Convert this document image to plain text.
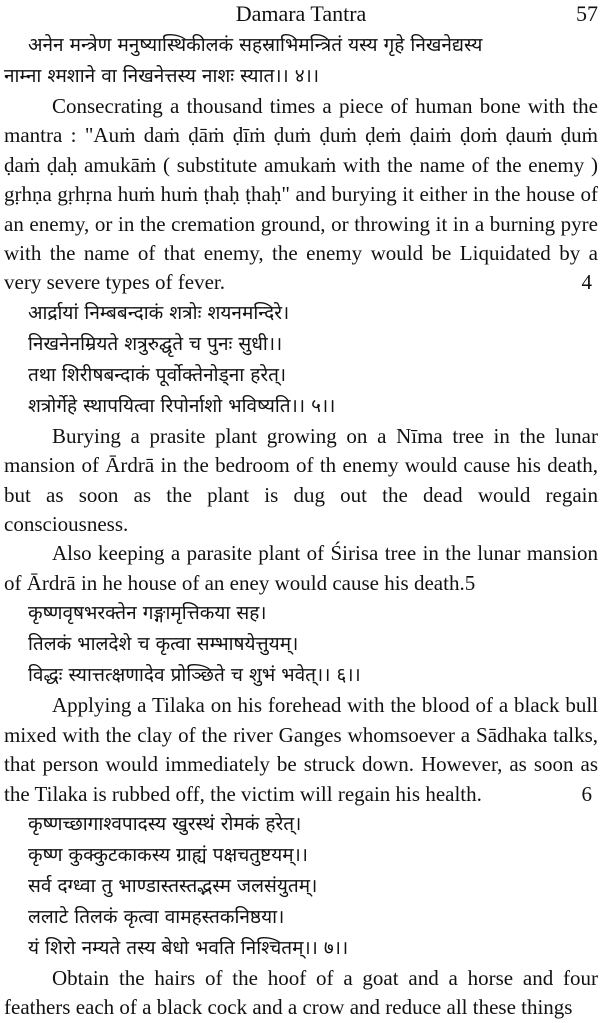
Damara Tantra	57
अनेन मन्त्रेण मनुष्यास्थिकीलकं सहस्राभिमन्त्रितं यस्य गृहे निखनेद्यस्य
नाम्ना श्मशाने वा निखनेत्तस्य नाशः स्यात।। ४।।

Consecrating a thousand times a piece of human bone with the mantra : "Auṁ daṁ ḍāṁ ḍīṁ ḍuṁ ḍuṁ ḍeṁ ḍaiṁ ḍoṁ ḍauṁ ḍuṁ ḍaṁ ḍaḥ amukāṁ ( substitute amukaṁ with the name of the enemy ) gṛhṇa gṛhṛna huṁ huṁ ṭhaḥ ṭhaḥ" and burying it either in the house of an enemy, or in the cremation ground, or throwing it in a burning pyre with the name of that enemy, the enemy would be Liquidated by a very severe types of fever.	4

आर्द्रायां निम्बबन्दाकं शत्रोः शयनमन्दिरे।
निखनेनम्रियते शत्रुरुद्घृते च पुनः सुधी।।
तथा शिरीषबन्दाकं पूर्वोक्तेनोड्ना हरेत्।
शत्रोर्गेहे स्थापयित्वा रिपोर्नाशो भविष्यति।। ५।।

Burying a prasite plant growing on a Nīma tree in the lunar mansion of Ārdrā in the bedroom of th enemy would cause his death, but as soon as the plant is dug out the dead would regain consciousness.

Also keeping a parasite plant of Śirisa tree in the lunar mansion of Ārdrā in he house of an eney would cause his death.5

कृष्णवृषभरक्तेन गङ्गामृत्तिकया सह।
तिलकं भालदेशे च कृत्वा सम्भाषयेत्तुयम्।
विद्धः स्यात्तत्क्षणादेव प्रोञ्छिते च शुभं भवेत्।। ६।।

Applying a Tilaka on his forehead with the blood of a black bull mixed with the clay of the river Ganges whomsoever a Sādhaka talks, that person would immediately be struck down. However, as soon as the Tilaka is rubbed off, the victim will regain his health.	6

कृष्णच्छागाश्वपादस्य खुरस्थं रोमकं हरेत्।
कृष्ण कुक्कुटकाकस्य ग्राह्यं पक्षचतुष्टयम्।।
सर्व दग्ध्वा तु भाण्डास्तस्तद्भस्म जलसंयुतम्।
ललाटे तिलकं कृत्वा वामहस्तकनिष्ठया।
यं शिरो नम्यते तस्य बेधो भवति निश्चितम्।। ७।।

Obtain the hairs of the hoof of a goat and a horse and four feathers each of a black cock and a crow and reduce all these things
